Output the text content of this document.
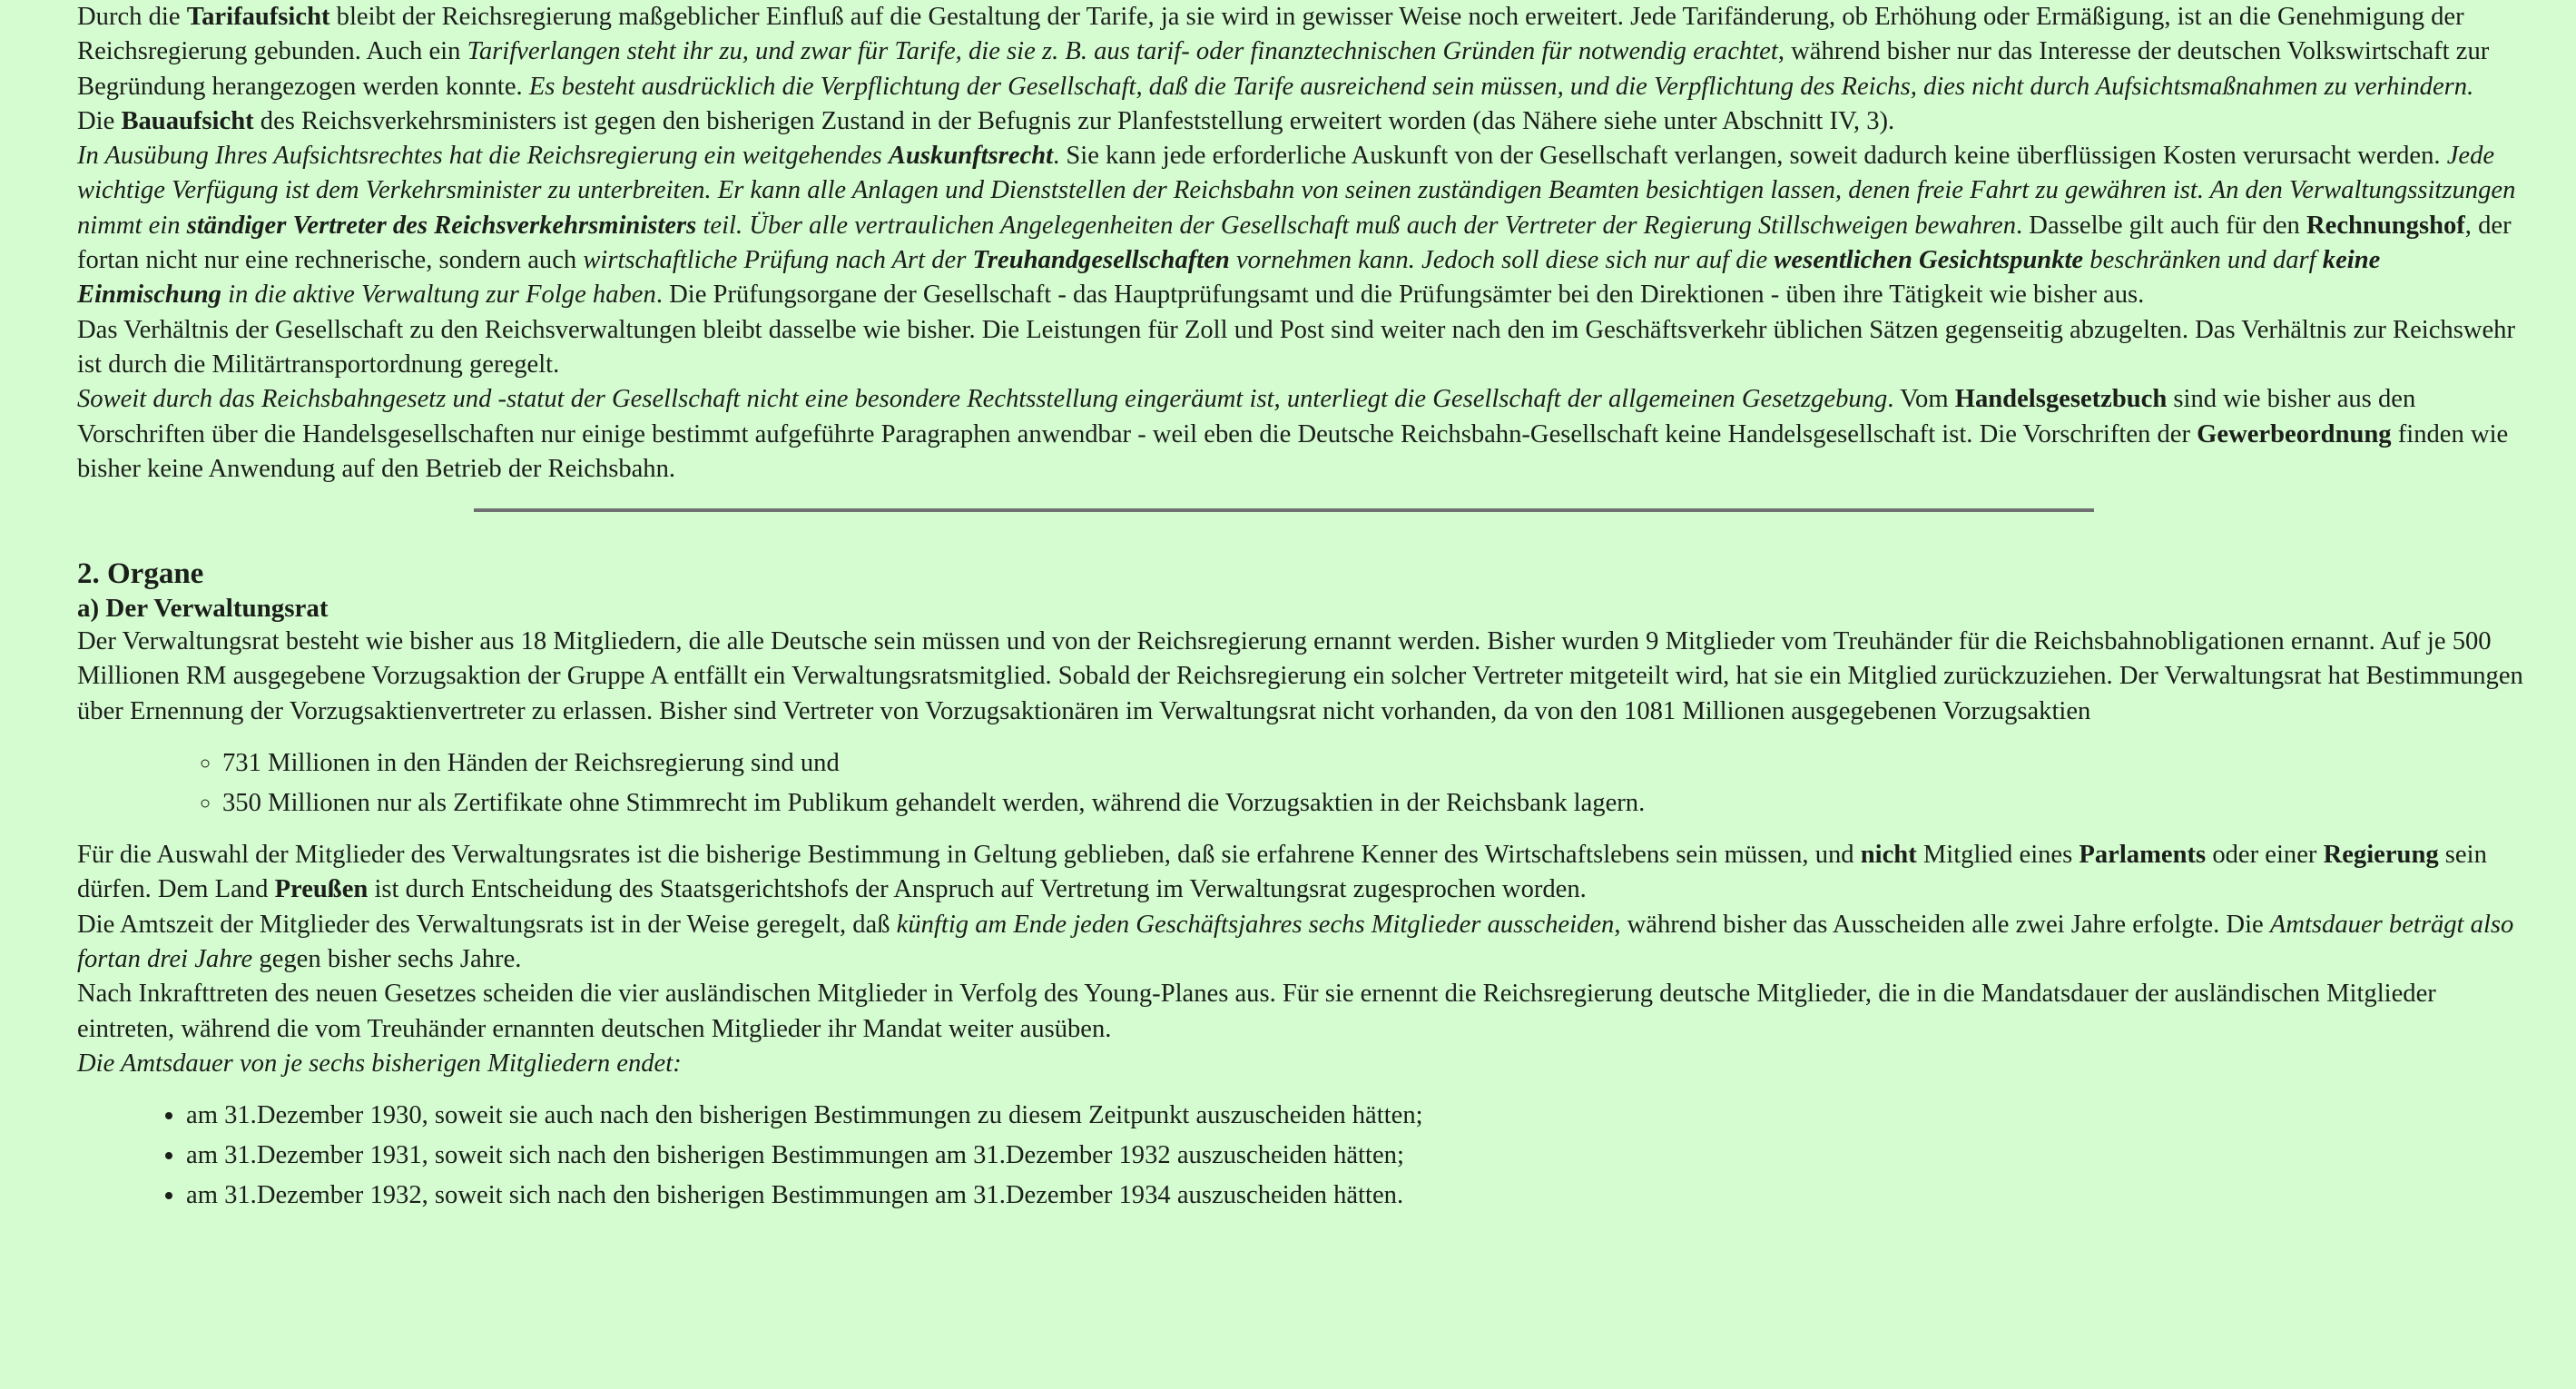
Durch die Tarifaufsicht bleibt der Reichsregierung maßgeblicher Einfluß auf die Gestaltung der Tarife, ja sie wird in gewisser Weise noch erweitert. Jede Tarifänderung, ob Erhöhung oder Ermäßigung, ist an die Genehmigung der Reichsregierung gebunden. Auch ein Tarifverlangen steht ihr zu, und zwar für Tarife, die sie z. B. aus tarif- oder finanztechnischen Gründen für notwendig erachtet, während bisher nur das Interesse der deutschen Volkswirtschaft zur Begründung herangezogen werden konnte. Es besteht ausdrücklich die Verpflichtung der Gesellschaft, daß die Tarife ausreichend sein müssen, und die Verpflichtung des Reichs, dies nicht durch Aufsichtsmaßnahmen zu verhindern.

Die Bauaufsicht des Reichsverkehrsministers ist gegen den bisherigen Zustand in der Befugnis zur Planfeststellung erweitert worden (das Nähere siehe unter Abschnitt IV, 3).

In Ausübung Ihres Aufsichtsrechtes hat die Reichsregierung ein weitgehendes Auskunftsrecht. Sie kann jede erforderliche Auskunft von der Gesellschaft verlangen, soweit dadurch keine überflüssigen Kosten verursacht werden. Jede wichtige Verfügung ist dem Verkehrsminister zu unterbreiten. Er kann alle Anlagen und Dienststellen der Reichsbahn von seinen zuständigen Beamten besichtigen lassen, denen freie Fahrt zu gewähren ist. An den Verwaltungssitzungen nimmt ein ständiger Vertreter des Reichsverkehrsministers teil. Über alle vertraulichen Angelegenheiten der Gesellschaft muß auch der Vertreter der Regierung Stillschweigen bewahren. Dasselbe gilt auch für den Rechnungshof, der fortan nicht nur eine rechnerische, sondern auch wirtschaftliche Prüfung nach Art der Treuhandgesellschaften vornehmen kann. Jedoch soll diese sich nur auf die wesentlichen Gesichtspunkte beschränken und darf keine Einmischung in die aktive Verwaltung zur Folge haben. Die Prüfungsorgane der Gesellschaft - das Hauptprüfungsamt und die Prüfungsämter bei den Direktionen - üben ihre Tätigkeit wie bisher aus.

Das Verhältnis der Gesellschaft zu den Reichsverwaltungen bleibt dasselbe wie bisher. Die Leistungen für Zoll und Post sind weiter nach den im Geschäftsverkehr üblichen Sätzen gegenseitig abzugelten. Das Verhältnis zur Reichswehr ist durch die Militärtransportordnung geregelt.

Soweit durch das Reichsbahngesetz und -statut der Gesellschaft nicht eine besondere Rechtsstellung eingeräumt ist, unterliegt die Gesellschaft der allgemeinen Gesetzgebung. Vom Handelsgesetzbuch sind wie bisher aus den Vorschriften über die Handelsgesellschaften nur einige bestimmt aufgeführte Paragraphen anwendbar - weil eben die Deutsche Reichsbahn-Gesellschaft keine Handelsgesellschaft ist. Die Vorschriften der Gewerbeordnung finden wie bisher keine Anwendung auf den Betrieb der Reichsbahn.

2. Organe
a) Der Verwaltungsrat

Der Verwaltungsrat besteht wie bisher aus 18 Mitgliedern, die alle Deutsche sein müssen und von der Reichsregierung ernannt werden. Bisher wurden 9 Mitglieder vom Treuhänder für die Reichsbahnobligationen ernannt. Auf je 500 Millionen RM ausgegebene Vorzugsaktion der Gruppe A entfällt ein Verwaltungsratsmitglied. Sobald der Reichsregierung ein solcher Vertreter mitgeteilt wird, hat sie ein Mitglied zurückzuziehen. Der Verwaltungsrat hat Bestimmungen über Ernennung der Vorzugsaktienvertreter zu erlassen. Bisher sind Vertreter von Vorzugsaktionären im Verwaltungsrat nicht vorhanden, da von den 1081 Millionen ausgegebenen Vorzugsaktien

◦ 731 Millionen in den Händen der Reichsregierung sind und
◦ 350 Millionen nur als Zertifikate ohne Stimmrecht im Publikum gehandelt werden, während die Vorzugsaktien in der Reichsbank lagern.

Für die Auswahl der Mitglieder des Verwaltungsrates ist die bisherige Bestimmung in Geltung geblieben, daß sie erfahrene Kenner des Wirtschaftslebens sein müssen, und nicht Mitglied eines Parlaments oder einer Regierung sein dürfen. Dem Land Preußen ist durch Entscheidung des Staatsgerichtshofs der Anspruch auf Vertretung im Verwaltungsrat zugesprochen worden.

Die Amtszeit der Mitglieder des Verwaltungsrats ist in der Weise geregelt, daß künftig am Ende jeden Geschäftsjahres sechs Mitglieder ausscheiden, während bisher das Ausscheiden alle zwei Jahre erfolgte. Die Amtsdauer beträgt also fortan drei Jahre gegen bisher sechs Jahre.

Nach Inkrafttreten des neuen Gesetzes scheiden die vier ausländischen Mitglieder in Verfolg des Young-Planes aus. Für sie ernennt die Reichsregierung deutsche Mitglieder, die in die Mandatsdauer der ausländischen Mitglieder eintreten, während die vom Treuhänder ernannten deutschen Mitglieder ihr Mandat weiter ausüben.

Die Amtsdauer von je sechs bisherigen Mitgliedern endet:

• am 31.Dezember 1930, soweit sie auch nach den bisherigen Bestimmungen zu diesem Zeitpunkt auszuscheiden hätten;
• am 31.Dezember 1931, soweit sich nach den bisherigen Bestimmungen am 31.Dezember 1932 auszuscheiden hätten;
• am 31.Dezember 1932, soweit sich nach den bisherigen Bestimmungen am 31.Dezember 1934 auszuscheiden hätten.
